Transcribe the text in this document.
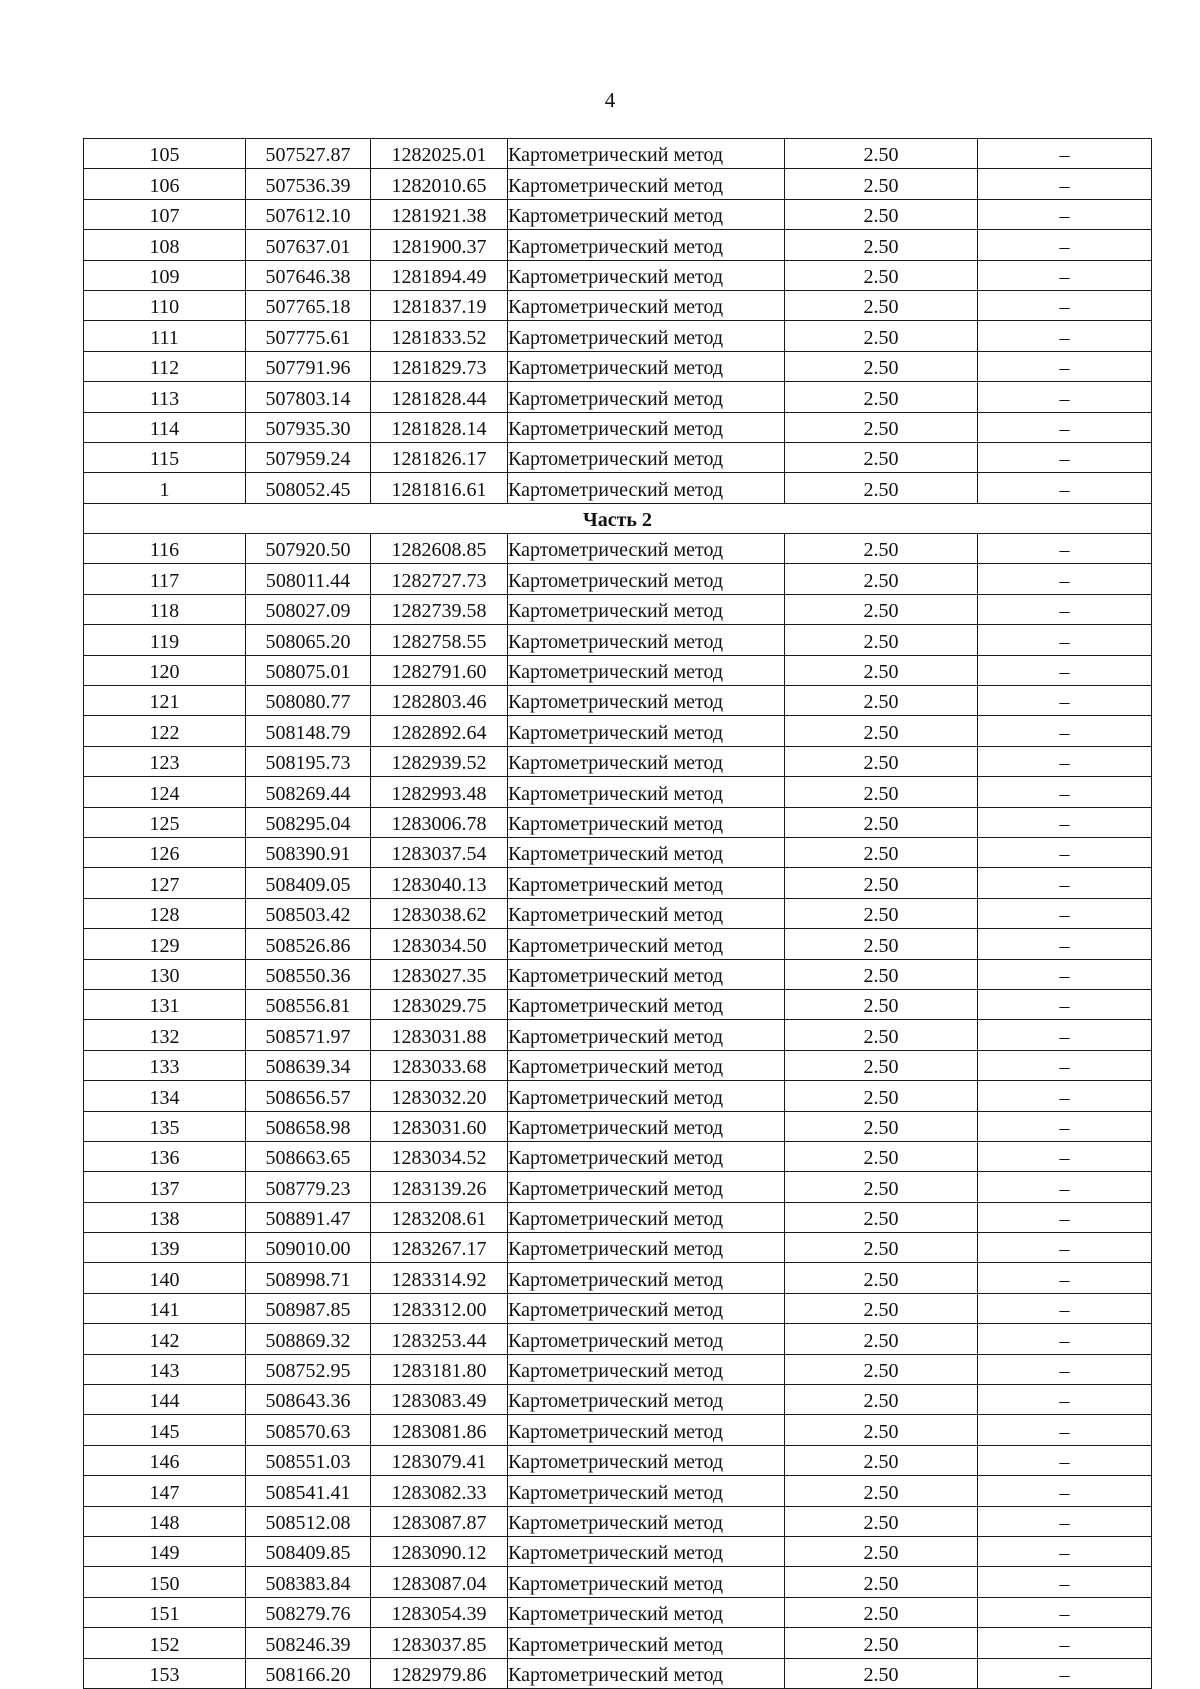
4
105	507527.87	1282025.01	Картометрический метод	2.50	–
106	507536.39	1282010.65	Картометрический метод	2.50	–
107	507612.10	1281921.38	Картометрический метод	2.50	–
108	507637.01	1281900.37	Картометрический метод	2.50	–
109	507646.38	1281894.49	Картометрический метод	2.50	–
110	507765.18	1281837.19	Картометрический метод	2.50	–
111	507775.61	1281833.52	Картометрический метод	2.50	–
112	507791.96	1281829.73	Картометрический метод	2.50	–
113	507803.14	1281828.44	Картометрический метод	2.50	–
114	507935.30	1281828.14	Картометрический метод	2.50	–
115	507959.24	1281826.17	Картометрический метод	2.50	–
1	508052.45	1281816.61	Картометрический метод	2.50	–
Часть 2					
116	507920.50	1282608.85	Картометрический метод	2.50	–
117	508011.44	1282727.73	Картометрический метод	2.50	–
118	508027.09	1282739.58	Картометрический метод	2.50	–
119	508065.20	1282758.55	Картометрический метод	2.50	–
120	508075.01	1282791.60	Картометрический метод	2.50	–
121	508080.77	1282803.46	Картометрический метод	2.50	–
122	508148.79	1282892.64	Картометрический метод	2.50	–
123	508195.73	1282939.52	Картометрический метод	2.50	–
124	508269.44	1282993.48	Картометрический метод	2.50	–
125	508295.04	1283006.78	Картометрический метод	2.50	–
126	508390.91	1283037.54	Картометрический метод	2.50	–
127	508409.05	1283040.13	Картометрический метод	2.50	–
128	508503.42	1283038.62	Картометрический метод	2.50	–
129	508526.86	1283034.50	Картометрический метод	2.50	–
130	508550.36	1283027.35	Картометрический метод	2.50	–
131	508556.81	1283029.75	Картометрический метод	2.50	–
132	508571.97	1283031.88	Картометрический метод	2.50	–
133	508639.34	1283033.68	Картометрический метод	2.50	–
134	508656.57	1283032.20	Картометрический метод	2.50	–
135	508658.98	1283031.60	Картометрический метод	2.50	–
136	508663.65	1283034.52	Картометрический метод	2.50	–
137	508779.23	1283139.26	Картометрический метод	2.50	–
138	508891.47	1283208.61	Картометрический метод	2.50	–
139	509010.00	1283267.17	Картометрический метод	2.50	–
140	508998.71	1283314.92	Картометрический метод	2.50	–
141	508987.85	1283312.00	Картометрический метод	2.50	–
142	508869.32	1283253.44	Картометрический метод	2.50	–
143	508752.95	1283181.80	Картометрический метод	2.50	–
144	508643.36	1283083.49	Картометрический метод	2.50	–
145	508570.63	1283081.86	Картометрический метод	2.50	–
146	508551.03	1283079.41	Картометрический метод	2.50	–
147	508541.41	1283082.33	Картометрический метод	2.50	–
148	508512.08	1283087.87	Картометрический метод	2.50	–
149	508409.85	1283090.12	Картометрический метод	2.50	–
150	508383.84	1283087.04	Картометрический метод	2.50	–
151	508279.76	1283054.39	Картометрический метод	2.50	–
152	508246.39	1283037.85	Картометрический метод	2.50	–
153	508166.20	1282979.86	Картометрический метод	2.50	–
